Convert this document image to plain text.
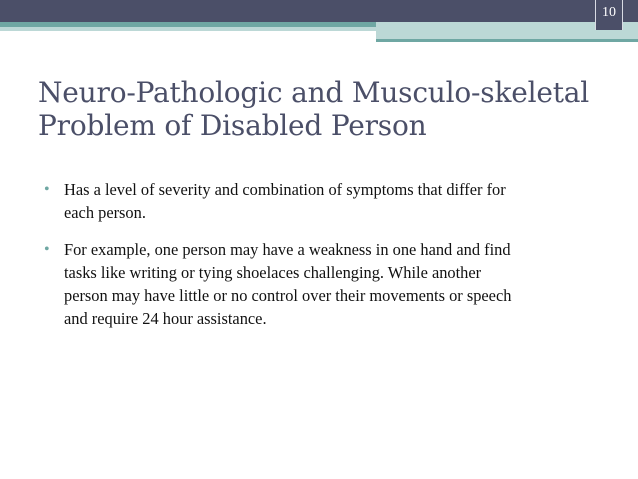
10
Neuro-Pathologic and Musculo-skeletal
Problem of Disabled Person
• Has a level of severity and combination of symptoms that differ for
each person.
• For example, one person may have a weakness in one hand and find
tasks like writing or tying shoelaces challenging. While another
person may have little or no control over their movements or speech
and require 24 hour assistance.
